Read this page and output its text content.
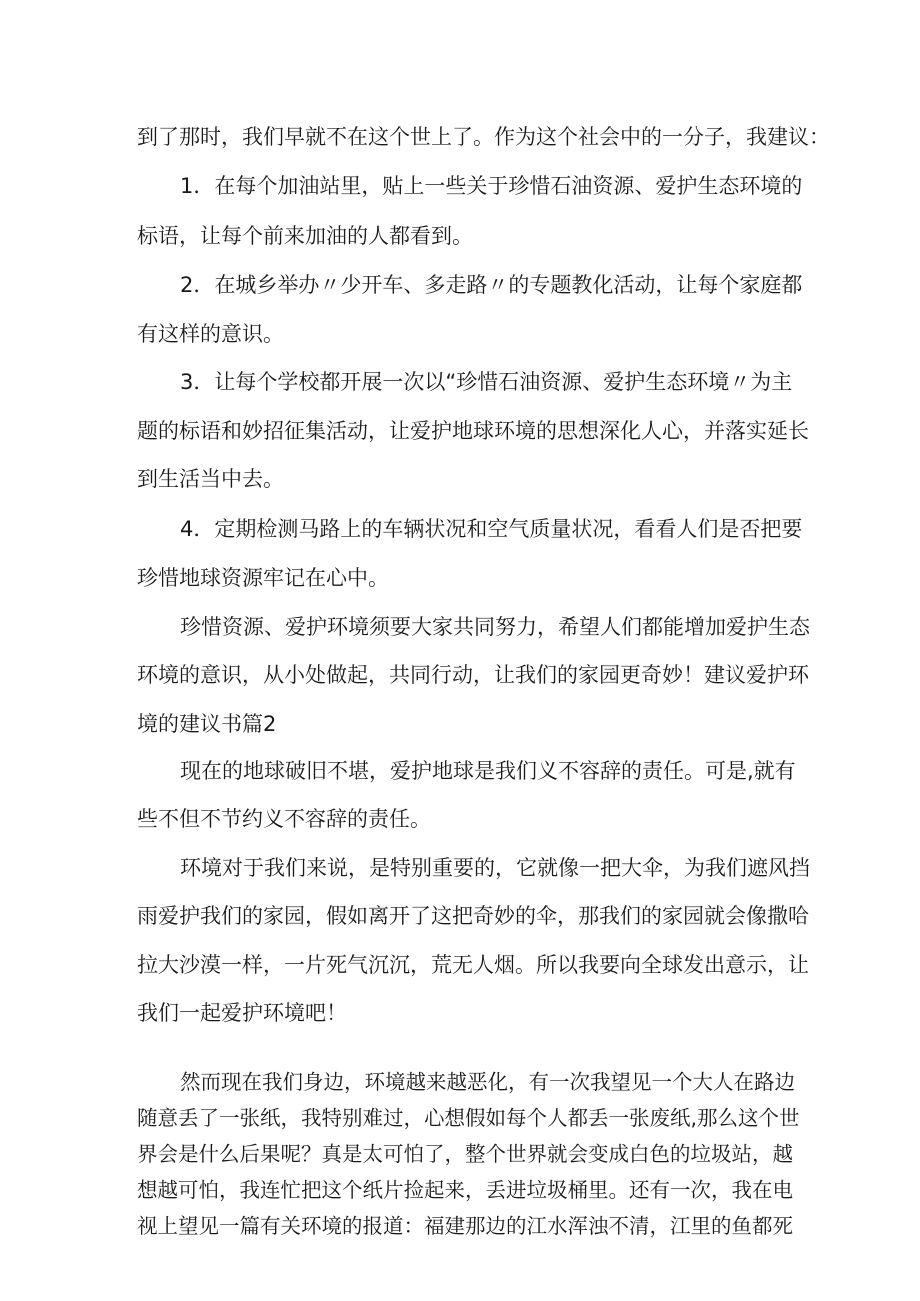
到了那时，我们早就不在这个世上了。作为这个社会中的一分子，我建议：
1．在每个加油站里，贴上一些关于珍惜石油资源、爱护生态环境的
标语，让每个前来加油的人都看到。
2．在城乡举办〃少开车、多走路〃的专题教化活动，让每个家庭都
有这样的意识。
3．让每个学校都开展一次以“珍惜石油资源、爱护生态环境〃为主
题的标语和妙招征集活动，让爱护地球环境的思想深化人心，并落实延长
到生活当中去。
4．定期检测马路上的车辆状况和空气质量状况，看看人们是否把要
珍惜地球资源牢记在心中。
珍惜资源、爱护环境须要大家共同努力，希望人们都能增加爱护生态
环境的意识，从小处做起，共同行动，让我们的家园更奇妙！建议爱护环
境的建议书篇2
现在的地球破旧不堪，爱护地球是我们义不容辞的责任。可是,就有
些不但不节约义不容辞的责任。
环境对于我们来说，是特别重要的，它就像一把大伞，为我们遮风挡
雨爱护我们的家园，假如离开了这把奇妙的伞，那我们的家园就会像撒哈
拉大沙漠一样，一片死气沉沉，荒无人烟。所以我要向全球发出意示，让
我们一起爱护环境吧！
然而现在我们身边，环境越来越恶化，有一次我望见一个大人在路边
随意丢了一张纸，我特别难过，心想假如每个人都丢一张废纸,那么这个世
界会是什么后果呢？真是太可怕了，整个世界就会变成白色的垃圾站，越
想越可怕，我连忙把这个纸片捡起来，丢进垃圾桶里。还有一次，我在电
视上望见一篇有关环境的报道：福建那边的江水浑浊不清，江里的鱼都死
